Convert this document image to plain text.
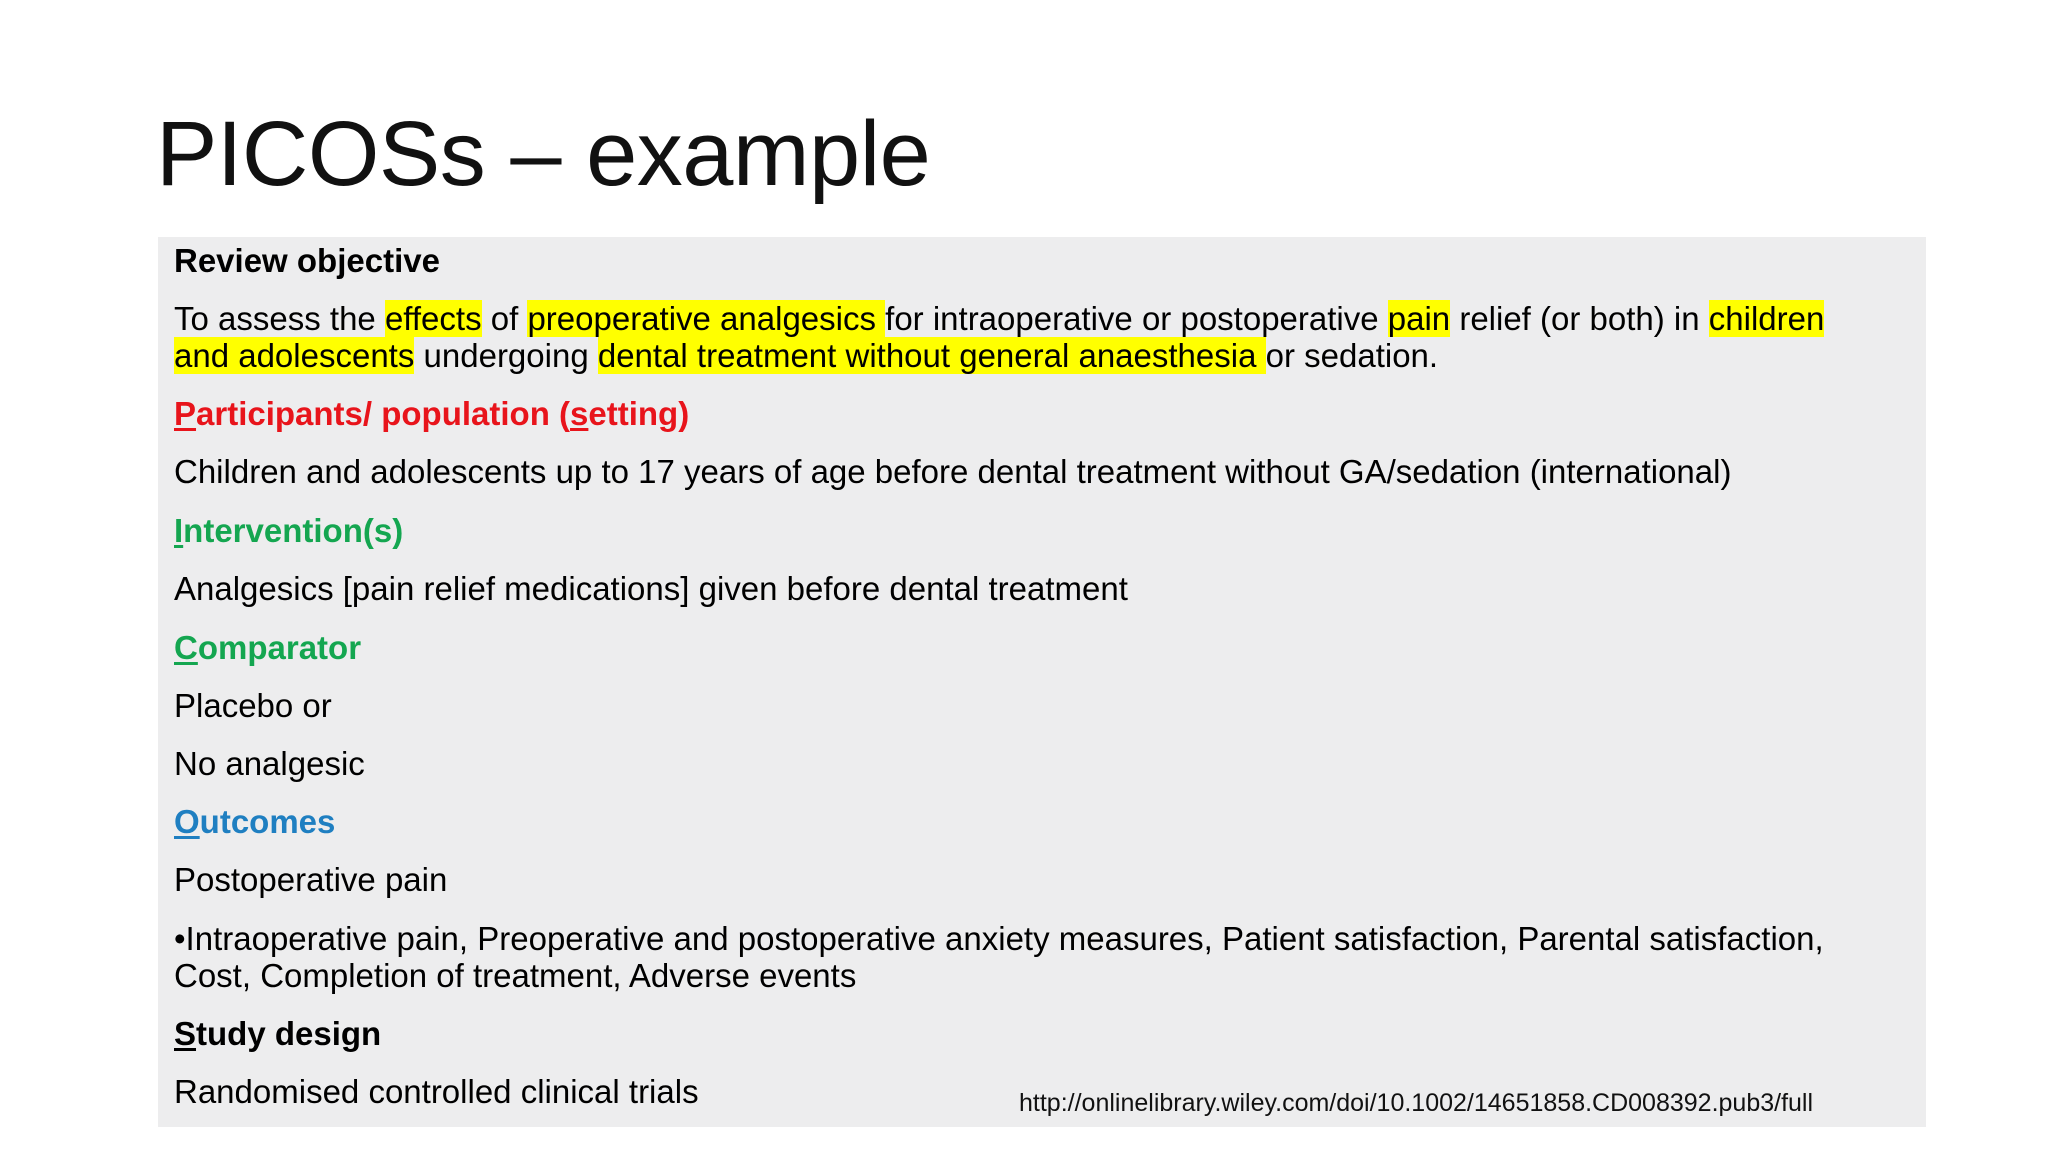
PICOSs – example

Review objective

To assess the effects of preoperative analgesics for intraoperative or postoperative pain relief (or both) in children

and adolescents undergoing dental treatment without general anaesthesia or sedation.

Participants/ population (setting)

Children and adolescents up to 17 years of age before dental treatment without GA/sedation (international)

Intervention(s)

Analgesics [pain relief medications] given before dental treatment

Comparator

Placebo or

No analgesic

Outcomes

Postoperative pain

•Intraoperative pain, Preoperative and postoperative anxiety measures, Patient satisfaction, Parental satisfaction,

Cost, Completion of treatment, Adverse events

Study design

Randomised controlled clinical trials	http://onlinelibrary.wiley.com/doi/10.1002/14651858.CD008392.pub3/full
